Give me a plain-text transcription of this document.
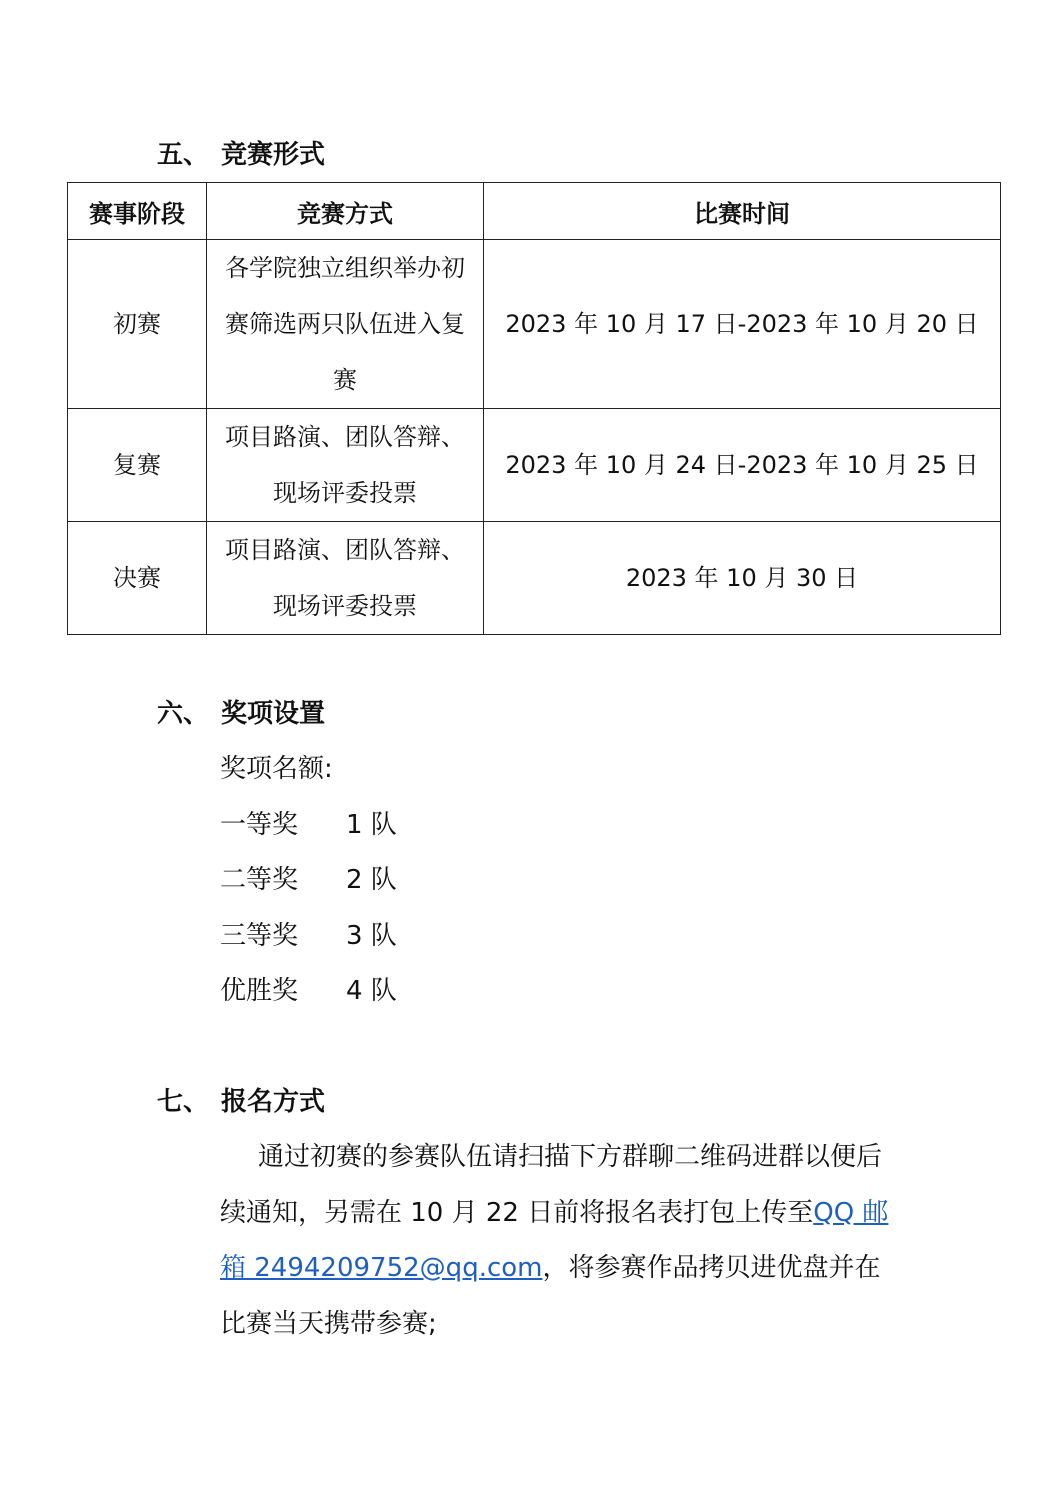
五、 竞赛形式
赛事阶段	竞赛方式	比赛时间
初赛	各学院独立组织举办初赛筛选两只队伍进入复赛	2023 年 10 月 17 日-2023 年 10 月 20 日
复赛	项目路演、团队答辩、现场评委投票	2023 年 10 月 24 日-2023 年 10 月 25 日
决赛	项目路演、团队答辩、现场评委投票	2023 年 10 月 30 日
六、 奖项设置
奖项名额:
一等奖 1 队
二等奖 2 队
三等奖 3 队
优胜奖 4 队
七、 报名方式
通过初赛的参赛队伍请扫描下方群聊二维码进群以便后续通知，另需在 10 月 22 日前将报名表打包上传至QQ 邮箱 2494209752@qq.com，将参赛作品拷贝进优盘并在比赛当天携带参赛;
